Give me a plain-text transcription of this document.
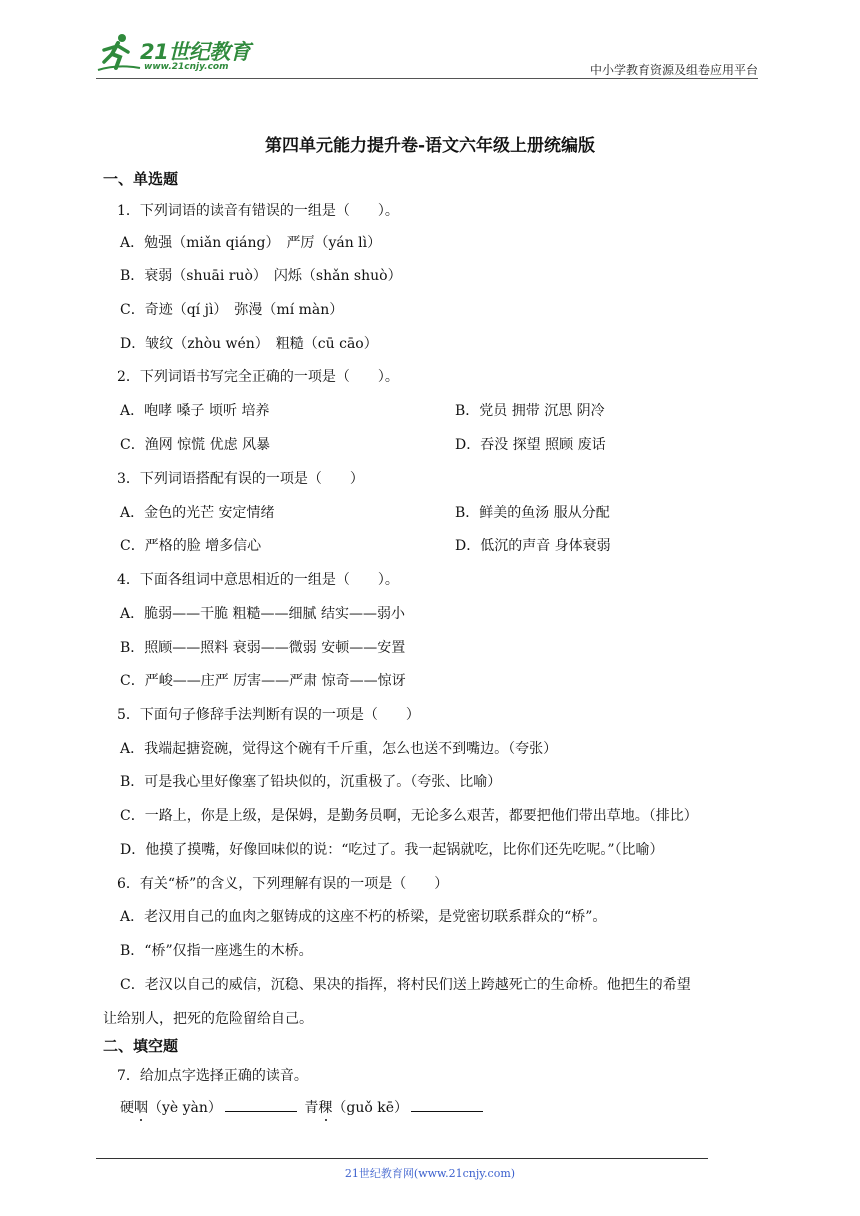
21世纪教育
www.21cnjy.com	中小学教育资源及组卷应用平台
第四单元能力提升卷-语文六年级上册统编版
一、单选题
1．下列词语的读音有错误的一组是（　　）。
A．勉强（miǎn qiáng）　严厉（yán lì）
B．衰弱（shuāi ruò）　闪烁（shǎn shuò）
C．奇迹（qí jì）　弥漫（mí màn）
D．皱纹（zhòu wén）　粗糙（cū cāo）
2．下列词语书写完全正确的一项是（　　）。
A．咆哮 嗓子 顷听 培养	B．党员 拥带 沉思 阴冷
C．渔网 惊慌 优虑 风暴	D．吞没 探望 照顾 废话
3．下列词语搭配有误的一项是（　　）
A．金色的光芒 安定情绪	B．鲜美的鱼汤 服从分配
C．严格的脸 增多信心	D．低沉的声音 身体衰弱
4．下面各组词中意思相近的一组是（　　）。
A．脆弱——干脆 粗糙——细腻 结实——弱小
B．照顾——照料 衰弱——微弱 安顿——安置
C．严峻——庄严 厉害——严肃 惊奇——惊讶
5．下面句子修辞手法判断有误的一项是（　　）
A．我端起搪瓷碗，觉得这个碗有千斤重，怎么也送不到嘴边。（夸张）
B．可是我心里好像塞了铅块似的，沉重极了。（夸张、比喻）
C．一路上，你是上级，是保姆，是勤务员啊，无论多么艰苦，都要把他们带出草地。（排比）
D．他摸了摸嘴，好像回味似的说：“吃过了。我一起锅就吃，比你们还先吃呢。”（比喻）
6．有关“桥”的含义，下列理解有误的一项是（　　）
A．老汉用自己的血肉之躯铸成的这座不朽的桥梁，是党密切联系群众的“桥”。
B．“桥”仅指一座逃生的木桥。
C．老汉以自己的威信，沉稳、果决的指挥，将村民们送上跨越死亡的生命桥。他把生的希望
让给别人，把死的危险留给自己。
二、填空题
7．给加点字选择正确的读音。
硬咽（yè yàn）	青稞（guǒ kē）
21世纪教育网(www.21cnjy.com)
